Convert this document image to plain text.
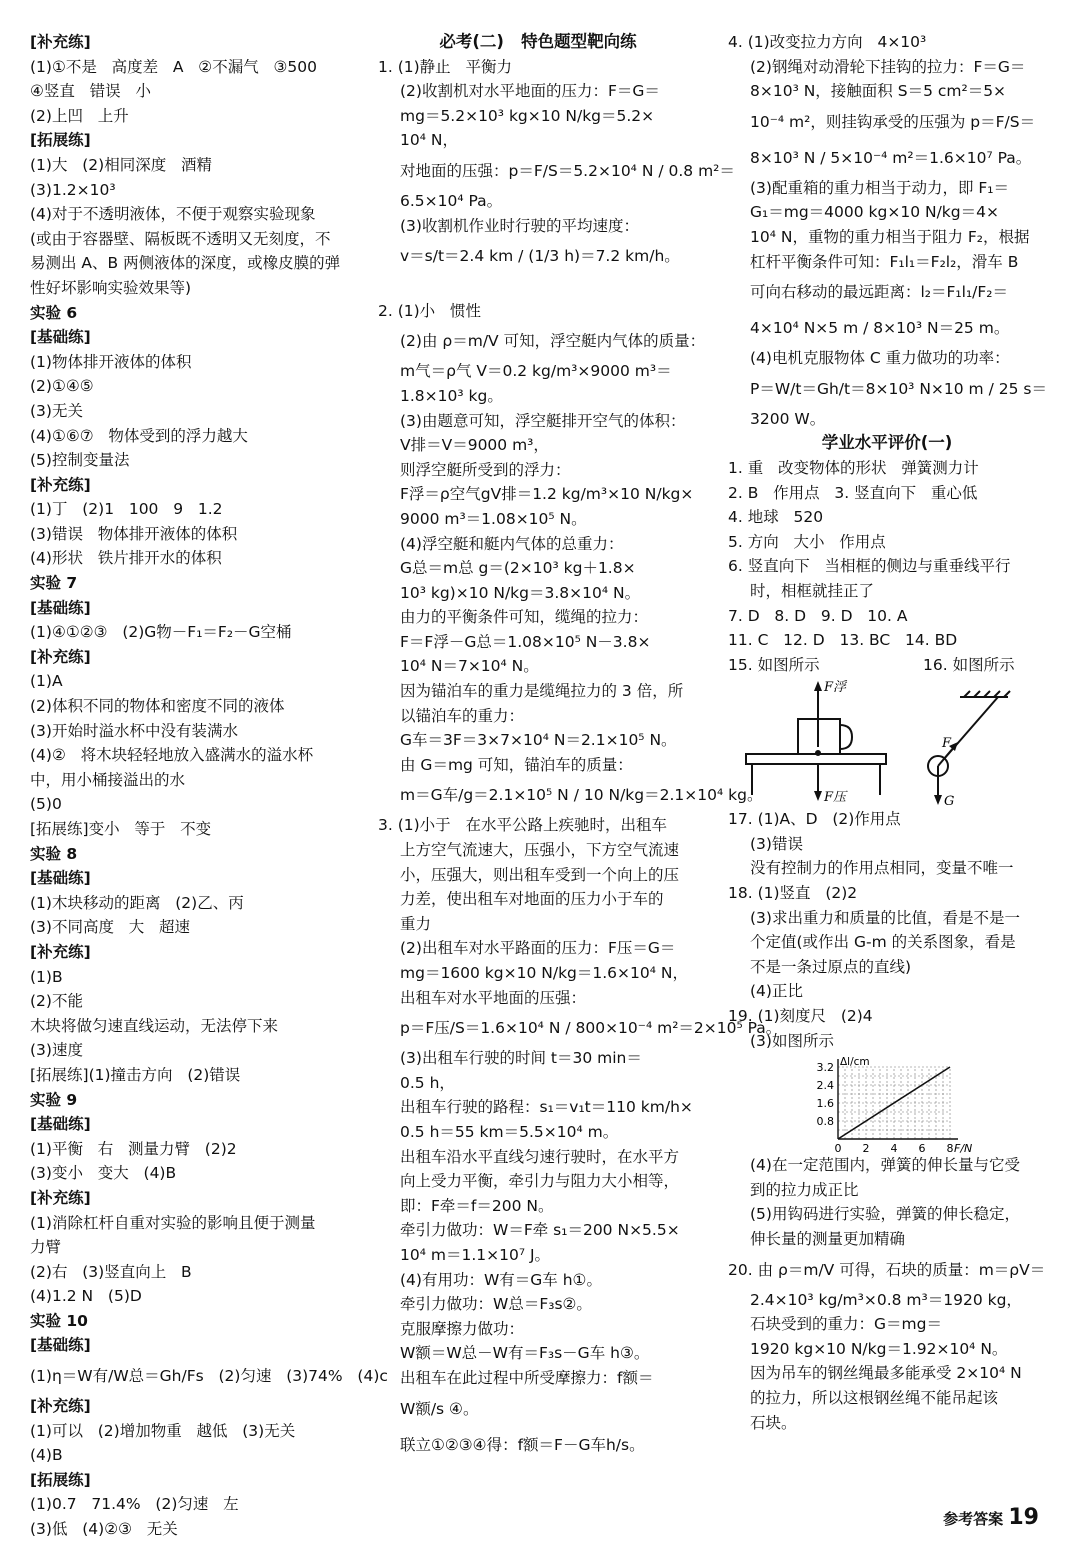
[补充练]
(1)①不是   高度差   A   ②不漏气   ③500
④竖直   错误   小
(2)上凹   上升
[拓展练]
(1)大   (2)相同深度   酒精
(3)1.2×10³
(4)对于不透明液体，不便于观察实验现象
(或由于容器壁、隔板既不透明又无刻度，不
易测出 A、B 两侧液体的深度，或橡皮膜的弹
性好坏影响实验效果等)
实验 6
[基础练]
(1)物体排开液体的体积
(2)①④⑤
(3)无关
(4)①⑥⑦   物体受到的浮力越大
(5)控制变量法
[补充练]
(1)丁   (2)1   100   9   1.2
(3)错误   物体排开液体的体积
(4)形状   铁片排开水的体积
实验 7
[基础练]
(1)④①②③   (2)G物－F₁＝F₂－G空桶
[补充练]
(1)A
(2)体积不同的物体和密度不同的液体
(3)开始时溢水杯中没有装满水
(4)②   将木块轻轻地放入盛满水的溢水杯
中，用小桶接溢出的水
(5)0
[拓展练]变小   等于   不变
实验 8
[基础练]
(1)木块移动的距离   (2)乙、丙
(3)不同高度   大   超速
[补充练]
(1)B
(2)不能
木块将做匀速直线运动，无法停下来
(3)速度
[拓展练](1)撞击方向   (2)错误
实验 9
[基础练]
(1)平衡   右   测量力臂   (2)2
(3)变小   变大   (4)B
[补充练]
(1)消除杠杆自重对实验的影响且便于测量
力臂
(2)右   (3)竖直向上   B
(4)1.2 N   (5)D
实验 10
[基础练]
(1)η＝W有/W总＝Gh/Fs   (2)匀速   (3)74%   (4)c
[补充练]
(1)可以   (2)增加物重   越低   (3)无关
(4)B
[拓展练]
(1)0.7   71.4%   (2)匀速   左
(3)低   (4)②③   无关
必考(二)   特色题型靶向练
1. (1)静止   平衡力
(2)收割机对水平地面的压力：F＝G＝
mg＝5.2×10³ kg×10 N/kg＝5.2×
10⁴ N，
对地面的压强：p＝F/S＝5.2×10⁴ N / 0.8 m²＝
6.5×10⁴ Pa。
(3)收割机作业时行驶的平均速度：
v＝s/t＝2.4 km / (1/3 h)＝7.2 km/h。
2. (1)小   惯性
(2)由 ρ＝m/V 可知，浮空艇内气体的质量：
m气＝ρ气 V＝0.2 kg/m³×9000 m³＝
1.8×10³ kg。
(3)由题意可知，浮空艇排开空气的体积：
V排＝V＝9000 m³，
则浮空艇所受到的浮力：
F浮＝ρ空气gV排＝1.2 kg/m³×10 N/kg×
9000 m³＝1.08×10⁵ N。
(4)浮空艇和艇内气体的总重力：
G总＝m总 g＝(2×10³ kg＋1.8×
10³ kg)×10 N/kg＝3.8×10⁴ N。
由力的平衡条件可知，缆绳的拉力：
F＝F浮－G总＝1.08×10⁵ N－3.8×
10⁴ N＝7×10⁴ N。
因为锚泊车的重力是缆绳拉力的 3 倍，所
以锚泊车的重力：
G车＝3F＝3×7×10⁴ N＝2.1×10⁵ N。
由 G＝mg 可知，锚泊车的质量：
m＝G车/g＝2.1×10⁵ N / 10 N/kg＝2.1×10⁴ kg。
3. (1)小于   在水平公路上疾驰时，出租车
上方空气流速大，压强小，下方空气流速
小，压强大，则出租车受到一个向上的压
力差，使出租车对地面的压力小于车的
重力
(2)出租车对水平路面的压力：F压＝G＝
mg＝1600 kg×10 N/kg＝1.6×10⁴ N，
出租车对水平地面的压强：
p＝F压/S＝1.6×10⁴ N / 800×10⁻⁴ m²＝2×10⁵ Pa。
(3)出租车行驶的时间 t＝30 min＝
0.5 h，
出租车行驶的路程：s₁＝v₁t＝110 km/h×
0.5 h＝55 km＝5.5×10⁴ m。
出租车沿水平直线匀速行驶时，在水平方
向上受力平衡，牵引力与阻力大小相等，
即：F牵＝f＝200 N。
牵引力做功：W＝F牵 s₁＝200 N×5.5×
10⁴ m＝1.1×10⁷ J。
(4)有用功：W有＝G车 h①。
牵引力做功：W总＝F₃s②。
克服摩擦力做功：
W额＝W总－W有＝F₃s－G车 h③。
出租车在此过程中所受摩擦力：f额＝
W额/s ④。
联立①②③④得：f额＝F－G车h/s。
4. (1)改变拉力方向   4×10³
(2)钢绳对动滑轮下挂钩的拉力：F＝G＝
8×10³ N，接触面积 S＝5 cm²＝5×
10⁻⁴ m²，则挂钩承受的压强为 p＝F/S＝
8×10³ N / 5×10⁻⁴ m²＝1.6×10⁷ Pa。
(3)配重箱的重力相当于动力，即 F₁＝
G₁＝mg＝4000 kg×10 N/kg＝4×
10⁴ N，重物的重力相当于阻力 F₂，根据
杠杆平衡条件可知：F₁l₁＝F₂l₂，滑车 B
可向右移动的最远距离：l₂＝F₁l₁/F₂＝
4×10⁴ N×5 m / 8×10³ N＝25 m。
(4)电机克服物体 C 重力做功的功率：
P＝W/t＝Gh/t＝8×10³ N×10 m / 25 s＝
3200 W。
学业水平评价(一)
1. 重   改变物体的形状   弹簧测力计
2. B   作用点   3. 竖直向下   重心低
4. 地球   520
5. 方向   大小   作用点
6. 竖直向下   当相框的侧边与重垂线平行
时，相框就挂正了
7. D   8. D   9. D   10. A
11. C   12. D   13. BC   14. BD
15. 如图所示                     16. 如图所示
F浮
F压
F
G
17. (1)A、D   (2)作用点
(3)错误
没有控制力的作用点相同，变量不唯一
18. (1)竖直   (2)2
(3)求出重力和质量的比值，看是不是一
个定值(或作出 G-m 的关系图象，看是
不是一条过原点的直线)
(4)正比
19. (1)刻度尺   (2)4
(3)如图所示
3.2
2.4
1.6
0.8
0 2 4 6 8
Δl/cm
F/N
(4)在一定范围内，弹簧的伸长量与它受
到的拉力成正比
(5)用钩码进行实验，弹簧的伸长稳定，
伸长量的测量更加精确
20. 由 ρ＝m/V 可得，石块的质量：m＝ρV＝
2.4×10³ kg/m³×0.8 m³＝1920 kg，
石块受到的重力：G＝mg＝
1920 kg×10 N/kg＝1.92×10⁴ N。
因为吊车的钢丝绳最多能承受 2×10⁴ N
的拉力，所以这根钢丝绳不能吊起该
石块。
参考答案 19
